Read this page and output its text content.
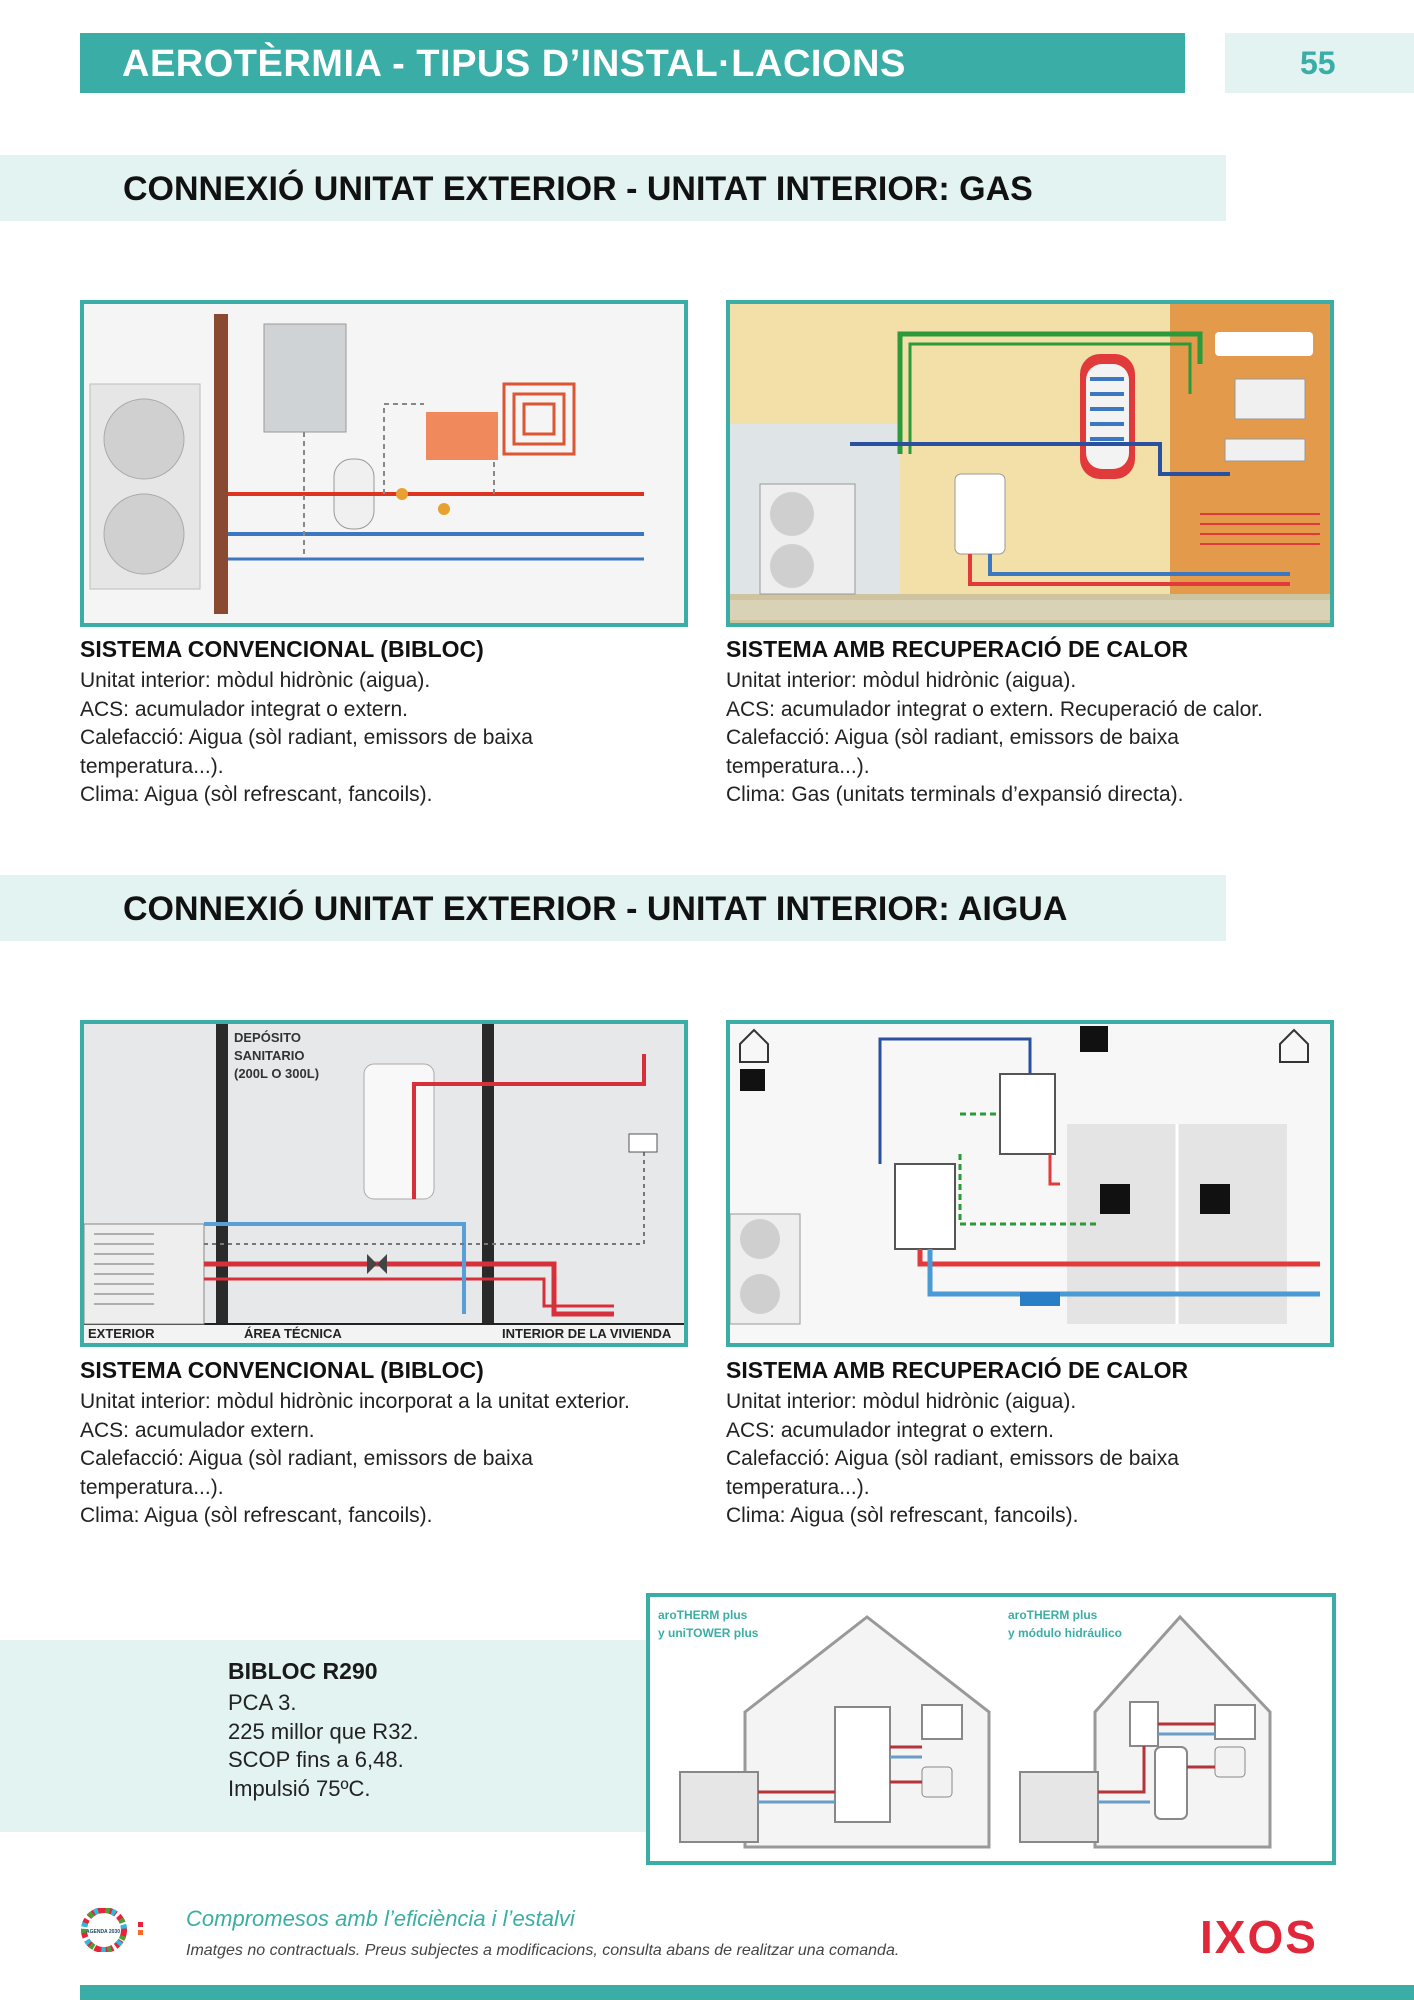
AEROTÈRMIA - TIPUS D’INSTAL·LACIONS	55
CONNEXIÓ UNITAT EXTERIOR - UNITAT INTERIOR: GAS
SISTEMA CONVENCIONAL (BIBLOC)

Unitat interior: mòdul hidrònic (aigua).

ACS: acumulador integrat o extern.

Calefacció: Aigua (sòl radiant, emissors de baixa

temperatura...).

Clima: Aigua (sòl refrescant, fancoils).

SISTEMA AMB RECUPERACIÓ DE CALOR

Unitat interior: mòdul hidrònic (aigua).

ACS: acumulador integrat o extern. Recuperació de calor.

Calefacció: Aigua (sòl radiant, emissors de baixa

temperatura...).

Clima: Gas (unitats terminals d’expansió directa).

CONNEXIÓ UNITAT EXTERIOR - UNITAT INTERIOR: AIGUA
DEPÓSITO
SANITARIO
(200L O 300L)
EXTERIOR	ÁREA TÉCNICA	INTERIOR DE LA VIVIENDA
SISTEMA CONVENCIONAL (BIBLOC)

Unitat interior: mòdul hidrònic incorporat a la unitat exterior.

ACS: acumulador extern.

Calefacció: Aigua (sòl radiant, emissors de baixa

temperatura...).

Clima: Aigua (sòl refrescant, fancoils).

SISTEMA AMB RECUPERACIÓ DE CALOR

Unitat interior: mòdul hidrònic (aigua).

ACS: acumulador integrat o extern.

Calefacció: Aigua (sòl radiant, emissors de baixa

temperatura...).

Clima: Aigua (sòl refrescant, fancoils).

BIBLOC R290

PCA 3.

225 millor que R32.

SCOP fins a 6,48.

Impulsió 75ºC.

aroTHERM plus
y uniTOWER plus
aroTHERM plus
y módulo hidráulico
AGENDA 2030
Compromesos amb l’eficiència i l’estalvi
Imatges no contractuals. Preus subjectes a modificacions, consulta abans de realitzar una comanda.	IXOS
